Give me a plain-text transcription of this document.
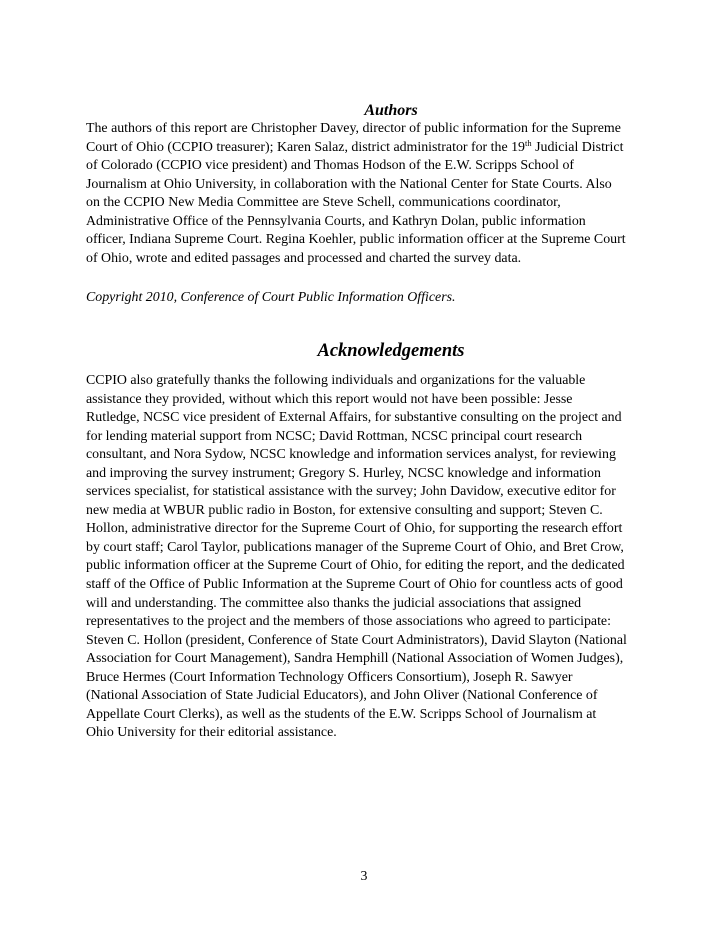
Authors

The authors of this report are Christopher Davey, director of public information for the Supreme
Court of Ohio (CCPIO treasurer); Karen Salaz, district administrator for the 19th Judicial District
of Colorado (CCPIO vice president) and Thomas Hodson of the E.W. Scripps School of
Journalism at Ohio University, in collaboration with the National Center for State Courts. Also
on the CCPIO New Media Committee are Steve Schell, communications coordinator,
Administrative Office of the Pennsylvania Courts, and Kathryn Dolan, public information
officer, Indiana Supreme Court. Regina Koehler, public information officer at the Supreme Court
of Ohio, wrote and edited passages and processed and charted the survey data.

Copyright 2010, Conference of Court Public Information Officers.

Acknowledgements

CCPIO also gratefully thanks the following individuals and organizations for the valuable
assistance they provided, without which this report would not have been possible: Jesse
Rutledge, NCSC vice president of External Affairs, for substantive consulting on the project and
for lending material support from NCSC; David Rottman, NCSC principal court research
consultant, and Nora Sydow, NCSC knowledge and information services analyst, for reviewing
and improving the survey instrument; Gregory S. Hurley, NCSC knowledge and information
services specialist, for statistical assistance with the survey; John Davidow, executive editor for
new media at WBUR public radio in Boston, for extensive consulting and support; Steven C.
Hollon, administrative director for the Supreme Court of Ohio, for supporting the research effort
by court staff; Carol Taylor, publications manager of the Supreme Court of Ohio, and Bret Crow,
public information officer at the Supreme Court of Ohio, for editing the report, and the dedicated
staff of the Office of Public Information at the Supreme Court of Ohio for countless acts of good
will and understanding. The committee also thanks the judicial associations that assigned
representatives to the project and the members of those associations who agreed to participate:
Steven C. Hollon (president, Conference of State Court Administrators), David Slayton (National
Association for Court Management), Sandra Hemphill (National Association of Women Judges),
Bruce Hermes (Court Information Technology Officers Consortium), Joseph R. Sawyer
(National Association of State Judicial Educators), and John Oliver (National Conference of
Appellate Court Clerks), as well as the students of the E.W. Scripps School of Journalism at
Ohio University for their editorial assistance.

3
